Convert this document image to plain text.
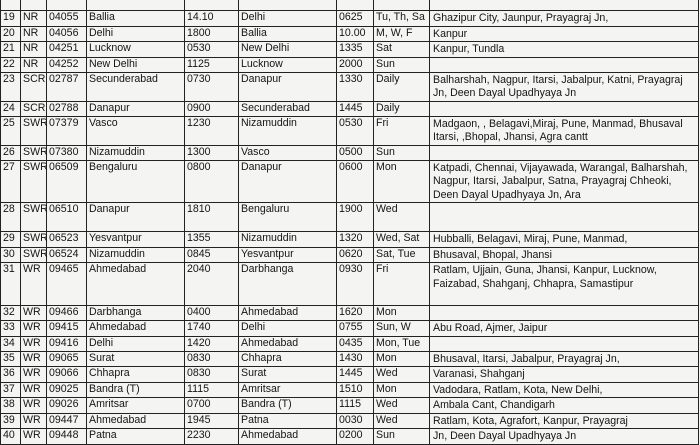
19	NR	04055	Ballia	14.10	Delhi	0625	Tu, Th, Sa	Ghazipur City, Jaunpur, Prayagraj Jn,
20	NR	04056	Delhi	1800	Ballia	10.00	M, W, F	Kanpur
21	NR	04251	Lucknow	0530	New Delhi	1335	Sat	Kanpur, Tundla
22	NR	04252	New Delhi	1125	Lucknow	2000	Sun	
23	SCR	02787	Secunderabad	0730	Danapur	1330	Daily	Balharshah, Nagpur, Itarsi, Jabalpur, Katni, Prayagraj Jn, Deen Dayal Upadhyaya Jn
24	SCR	02788	Danapur	0900	Secunderabad	1445	Daily	
25	SWR	07379	Vasco	1230	Nizamuddin	0530	Fri	Madgaon, , Belagavi,Miraj, Pune, Manmad, Bhusaval Itarsi, ,Bhopal, Jhansi, Agra cantt
26	SWR	07380	Nizamuddin	1300	Vasco	0500	Sun	
27	SWR	06509	Bengaluru	0800	Danapur	0600	Mon	Katpadi, Chennai, Vijayawada, Warangal, Balharshah, Nagpur, Itarsi, Jabalpur, Satna, Prayagraj Chheoki, Deen Dayal Upadhyaya Jn, Ara
28	SWR	06510	Danapur	1810	Bengaluru	1900	Wed	
29	SWR	06523	Yesvantpur	1355	Nizamuddin	1320	Wed, Sat	Hubballi, Belagavi, Miraj, Pune, Manmad,
30	SWR	06524	Nizamuddin	0845	Yesvantpur	0620	Sat, Tue	Bhusaval, Bhopal, Jhansi
31	WR	09465	Ahmedabad	2040	Darbhanga	0930	Fri	Ratlam, Ujjain, Guna, Jhansi, Kanpur, Lucknow, Faizabad, Shahganj, Chhapra, Samastipur
32	WR	09466	Darbhanga	0400	Ahmedabad	1620	Mon	
33	WR	09415	Ahmedabad	1740	Delhi	0755	Sun, W	Abu Road, Ajmer, Jaipur
34	WR	09416	Delhi	1420	Ahmedabad	0435	Mon, Tue	
35	WR	09065	Surat	0830	Chhapra	1430	Mon	Bhusaval, Itarsi, Jabalpur, Prayagraj Jn,
36	WR	09066	Chhapra	0830	Surat	1445	Wed	Varanasi, Shahganj
37	WR	09025	Bandra (T)	1115	Amritsar	1510	Mon	Vadodara, Ratlam, Kota, New Delhi,
38	WR	09026	Amritsar	0700	Bandra (T)	1115	Wed	Ambala Cant, Chandigarh
39	WR	09447	Ahmedabad	1945	Patna	0030	Wed	Ratlam, Kota, Agrafort, Kanpur, Prayagraj
40	WR	09448	Patna	2230	Ahmedabad	0200	Sun	Jn, Deen Dayal Upadhyaya Jn
